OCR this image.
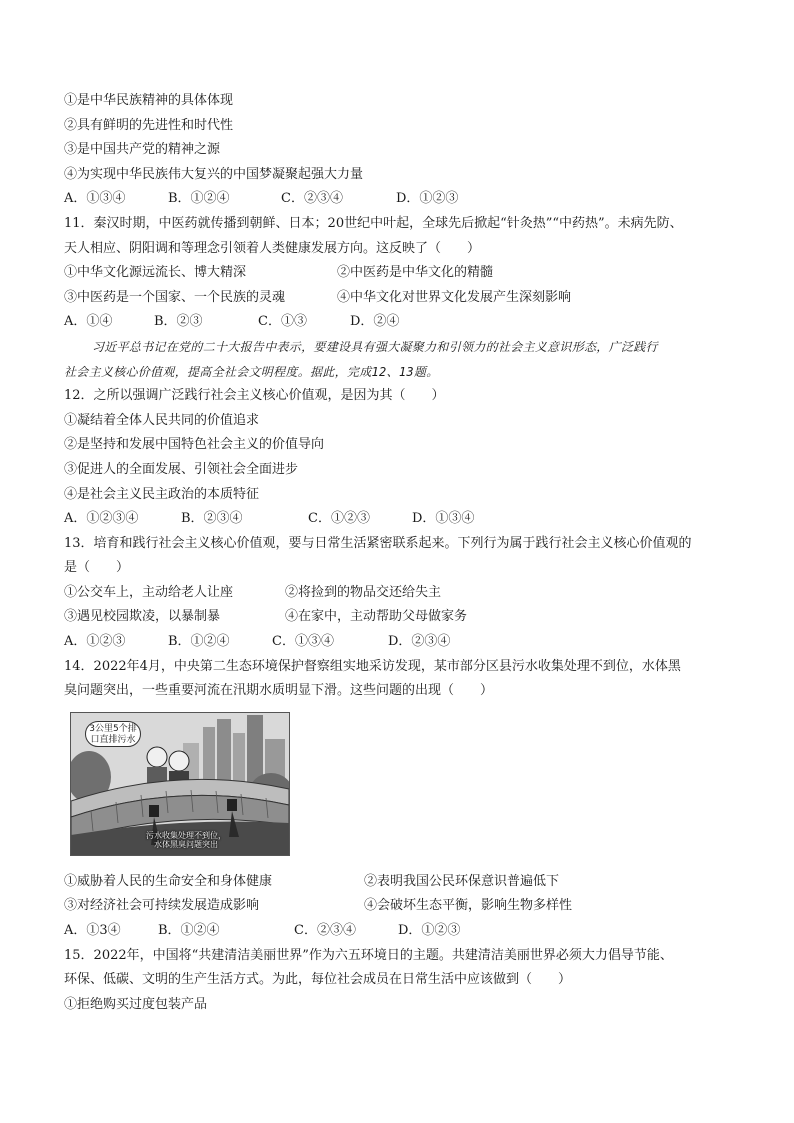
①是中华民族精神的具体体现
②具有鲜明的先进性和时代性
③是中国共产党的精神之源
④为实现中华民族伟大复兴的中国梦凝聚起强大力量
A．①③④	B．①②④	C．②③④	D．①②③
11．秦汉时期，中医药就传播到朝鲜、日本；20世纪中叶起，全球先后掀起“针灸热”“中药热”。未病先防、
天人相应、阴阳调和等理念引领着人类健康发展方向。这反映了（　　）
①中华文化源远流长、博大精深	②中医药是中华文化的精髓
③中医药是一个国家、一个民族的灵魂	④中华文化对世界文化发展产生深刻影响
A．①④	B．②③	C．①③	D．②④
习近平总书记在党的二十大报告中表示，要建设具有强大凝聚力和引领力的社会主义意识形态，广泛践行
社会主义核心价值观，提高全社会文明程度。据此，完成12、13题。
12．之所以强调广泛践行社会主义核心价值观，是因为其（　　）
①凝结着全体人民共同的价值追求
②是坚持和发展中国特色社会主义的价值导向
③促进人的全面发展、引领社会全面进步
④是社会主义民主政治的本质特征
A．①②③④	B．②③④	C．①②③	D．①③④
13．培育和践行社会主义核心价值观，要与日常生活紧密联系起来。下列行为属于践行社会主义核心价值观的
是（　　）
①公交车上，主动给老人让座	②将捡到的物品交还给失主
③遇见校园欺凌，以暴制暴	④在家中，主动帮助父母做家务
A．①②③	B．①②④	C．①③④	D．②③④
14．2022年4月，中央第二生态环境保护督察组实地采访发现，某市部分区县污水收集处理不到位，水体黑
臭问题突出，一些重要河流在汛期水质明显下滑。这些问题的出现（　　）
3公里5个排口直排污水
污水收集处理不到位，水体黑臭问题突出
①威胁着人民的生命安全和身体健康	②表明我国公民环保意识普遍低下
③对经济社会可持续发展造成影响	④会破坏生态平衡，影响生物多样性
A．①3④	B．①②④	C．②③④	D．①②③
15．2022年，中国将“共建清洁美丽世界”作为六五环境日的主题。共建清洁美丽世界必须大力倡导节能、
环保、低碳、文明的生产生活方式。为此，每位社会成员在日常生活中应该做到（　　）
①拒绝购买过度包装产品
